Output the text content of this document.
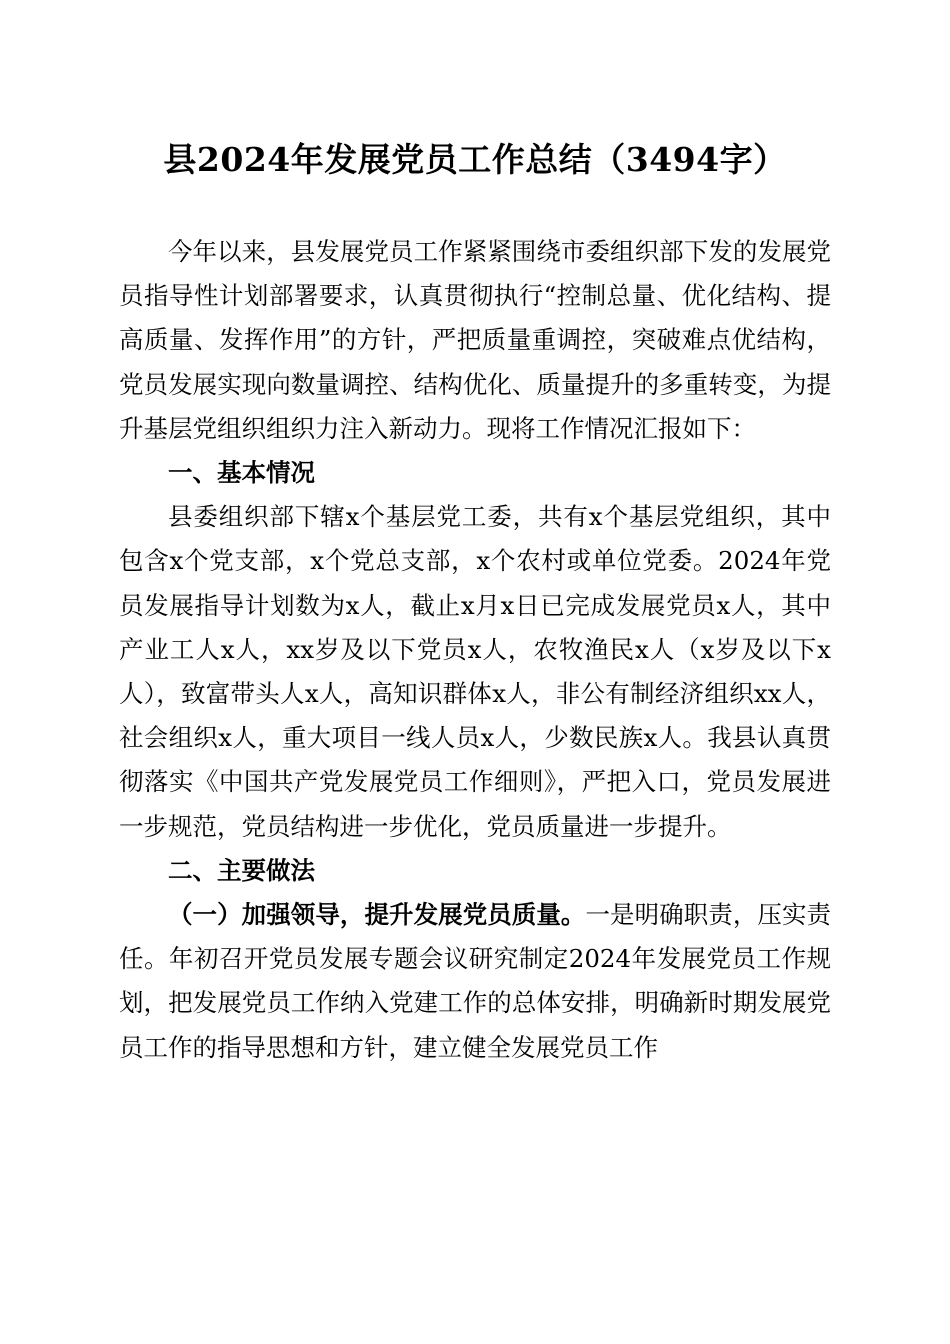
县2024年发展党员工作总结（3494字）

今年以来，县发展党员工作紧紧围绕市委组织部下发的发展党员指导性计划部署要求，认真贯彻执行“控制总量、优化结构、提高质量、发挥作用”的方针，严把质量重调控，突破难点优结构，党员发展实现向数量调控、结构优化、质量提升的多重转变，为提升基层党组织组织力注入新动力。现将工作情况汇报如下：

一、基本情况

县委组织部下辖x个基层党工委，共有x个基层党组织，其中包含x个党支部，x个党总支部，x个农村或单位党委。2024年党员发展指导计划数为x人，截止x月x日已完成发展党员x人，其中产业工人x人，xx岁及以下党员x人，农牧渔民x人（x岁及以下x人），致富带头人x人，高知识群体x人，非公有制经济组织xx人，社会组织x人，重大项目一线人员x人，少数民族x人。我县认真贯彻落实《中国共产党发展党员工作细则》，严把入口，党员发展进一步规范，党员结构进一步优化，党员质量进一步提升。

二、主要做法

（一）加强领导，提升发展党员质量。一是明确职责，压实责任。年初召开党员发展专题会议研究制定2024年发展党员工作规划，把发展党员工作纳入党建工作的总体安排，明确新时期发展党员工作的指导思想和方针，建立健全发展党员工作
